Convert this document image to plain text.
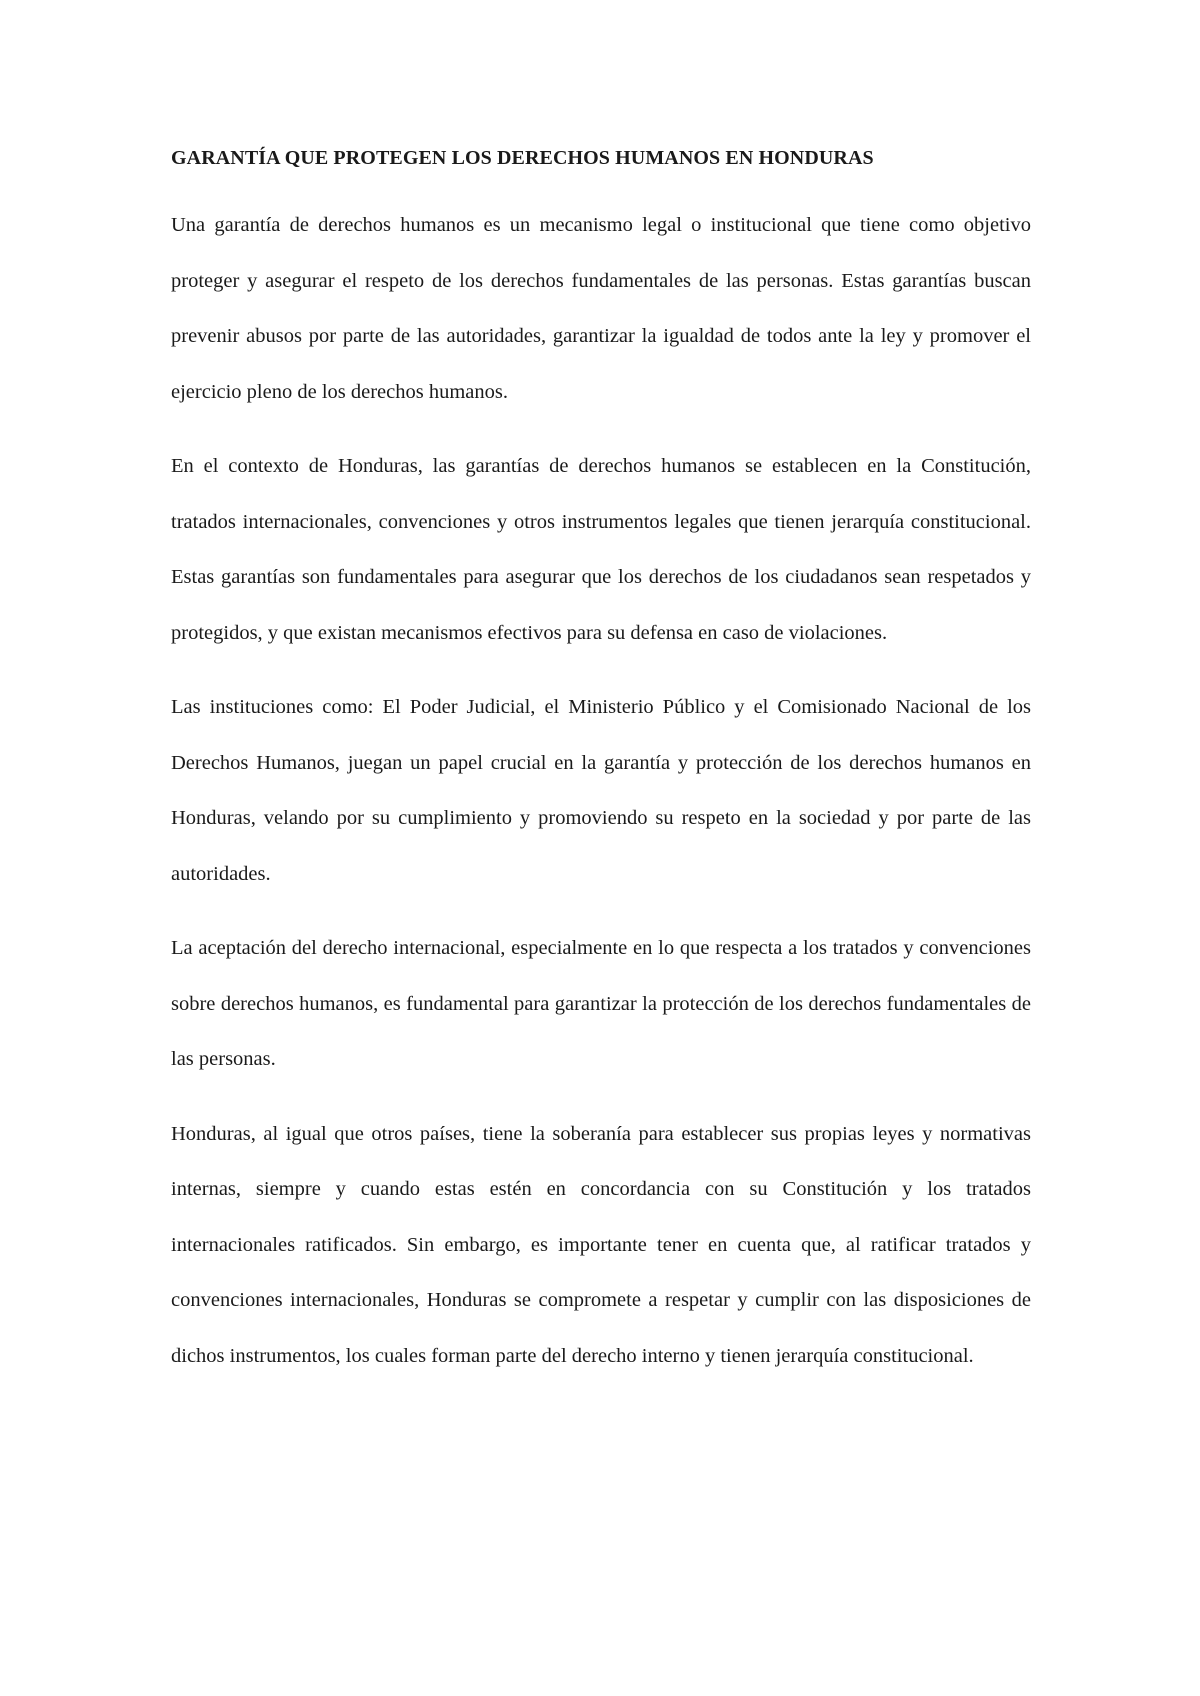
GARANTÍA QUE PROTEGEN LOS DERECHOS HUMANOS EN HONDURAS

Una garantía de derechos humanos es un mecanismo legal o institucional que tiene como objetivo proteger y asegurar el respeto de los derechos fundamentales de las personas. Estas garantías buscan prevenir abusos por parte de las autoridades, garantizar la igualdad de todos ante la ley y promover el ejercicio pleno de los derechos humanos.

En el contexto de Honduras, las garantías de derechos humanos se establecen en la Constitución, tratados internacionales, convenciones y otros instrumentos legales que tienen jerarquía constitucional. Estas garantías son fundamentales para asegurar que los derechos de los ciudadanos sean respetados y protegidos, y que existan mecanismos efectivos para su defensa en caso de violaciones.

Las instituciones como: El Poder Judicial, el Ministerio Público y el Comisionado Nacional de los Derechos Humanos, juegan un papel crucial en la garantía y protección de los derechos humanos en Honduras, velando por su cumplimiento y promoviendo su respeto en la sociedad y por parte de las autoridades.

La aceptación del derecho internacional, especialmente en lo que respecta a los tratados y convenciones sobre derechos humanos, es fundamental para garantizar la protección de los derechos fundamentales de las personas.

Honduras, al igual que otros países, tiene la soberanía para establecer sus propias leyes y normativas internas, siempre y cuando estas estén en concordancia con su Constitución y los tratados internacionales ratificados. Sin embargo, es importante tener en cuenta que, al ratificar tratados y convenciones internacionales, Honduras se compromete a respetar y cumplir con las disposiciones de dichos instrumentos, los cuales forman parte del derecho interno y tienen jerarquía constitucional.
